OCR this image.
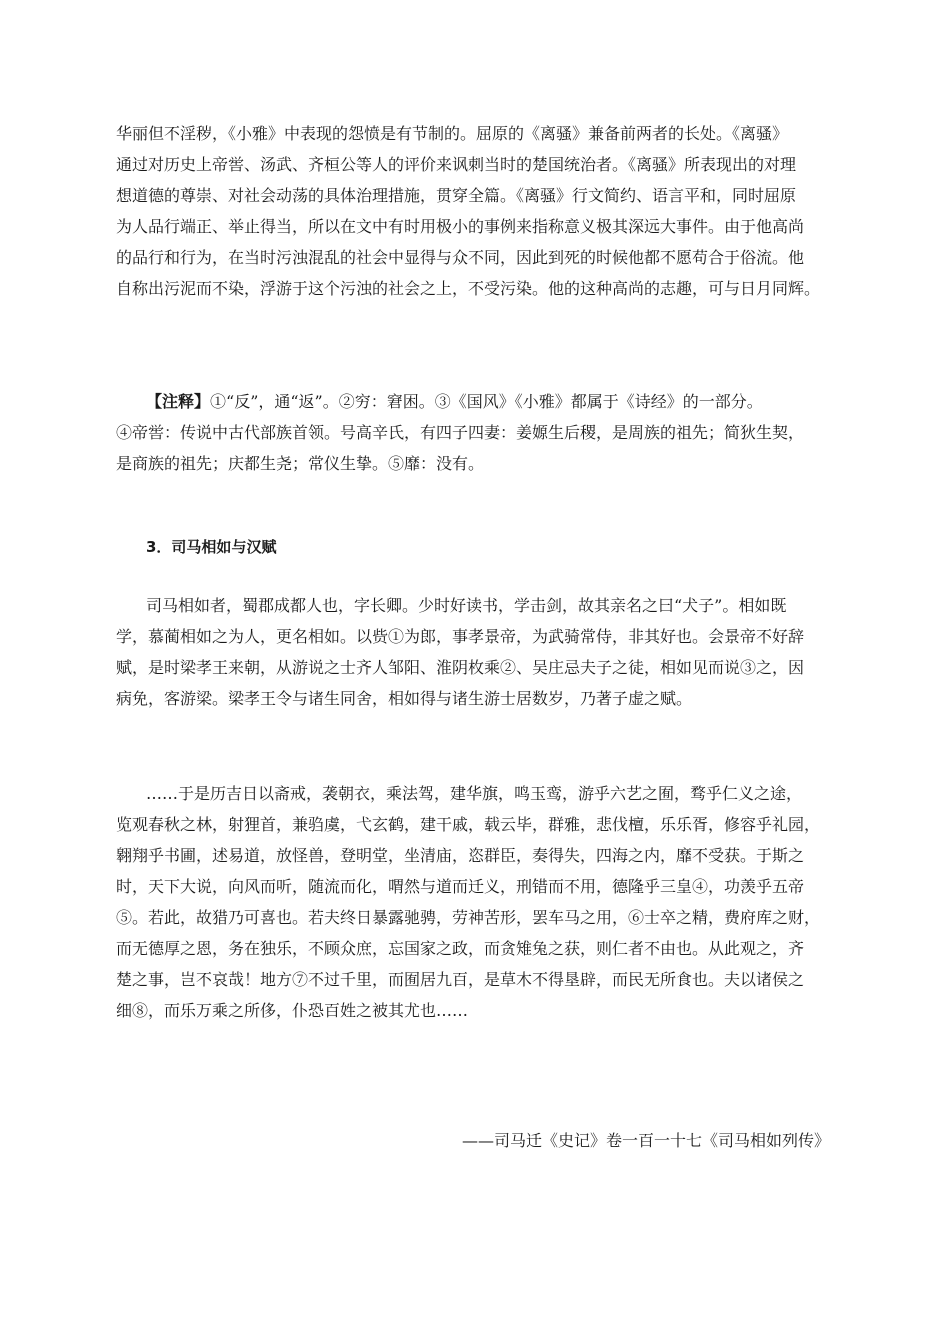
华丽但不淫秽，《小雅》中表现的怨愤是有节制的。屈原的《离骚》兼备前两者的长处。《离骚》
通过对历史上帝喾、汤武、齐桓公等人的评价来讽刺当时的楚国统治者。《离骚》所表现出的对理
想道德的尊崇、对社会动荡的具体治理措施，贯穿全篇。《离骚》行文简约、语言平和，同时屈原
为人品行端正、举止得当，所以在文中有时用极小的事例来指称意义极其深远大事件。由于他高尚
的品行和行为，在当时污浊混乱的社会中显得与众不同，因此到死的时候他都不愿苟合于俗流。他
自称出污泥而不染，浮游于这个污浊的社会之上，不受污染。他的这种高尚的志趣，可与日月同辉。
【注释】①“反”，通“返”。②穷：窘困。③《国风》《小雅》都属于《诗经》的一部分。
④帝喾：传说中古代部族首领。号高辛氏，有四子四妻：姜嫄生后稷，是周族的祖先；简狄生契，
是商族的祖先；庆都生尧；常仪生挚。⑤靡：没有。
3．司马相如与汉赋
司马相如者，蜀郡成都人也，字长卿。少时好读书，学击剑，故其亲名之曰“犬子”。相如既
学，慕蔺相如之为人，更名相如。以赀①为郎，事孝景帝，为武骑常侍，非其好也。会景帝不好辞
赋，是时梁孝王来朝，从游说之士齐人邹阳、淮阴枚乘②、吴庄忌夫子之徒，相如见而说③之，因
病免，客游梁。梁孝王令与诸生同舍，相如得与诸生游士居数岁，乃著子虚之赋。
……于是历吉日以斋戒，袭朝衣，乘法驾，建华旗，鸣玉鸾，游乎六艺之囿，骛乎仁义之途，
览观春秋之林，射狸首，兼驺虞，弋玄鹤，建干戚，载云毕，群雅，悲伐檀，乐乐胥，修容乎礼园，
翱翔乎书圃，述易道，放怪兽，登明堂，坐清庙，恣群臣，奏得失，四海之内，靡不受获。于斯之
时，天下大说，向风而听，随流而化，喟然与道而迁义，刑错而不用，德隆乎三皇④，功羡乎五帝
⑤。若此，故猎乃可喜也。若夫终日暴露驰骋，劳神苦形，罢车马之用，⑥士卒之精，费府库之财，
而无德厚之恩，务在独乐，不顾众庶，忘国家之政，而贪雉兔之获，则仁者不由也。从此观之，齐
楚之事，岂不哀哉！地方⑦不过千里，而囿居九百，是草木不得垦辟，而民无所食也。夫以诸侯之
细⑧，而乐万乘之所侈，仆恐百姓之被其尤也……
——司马迁《史记》卷一百一十七《司马相如列传》
